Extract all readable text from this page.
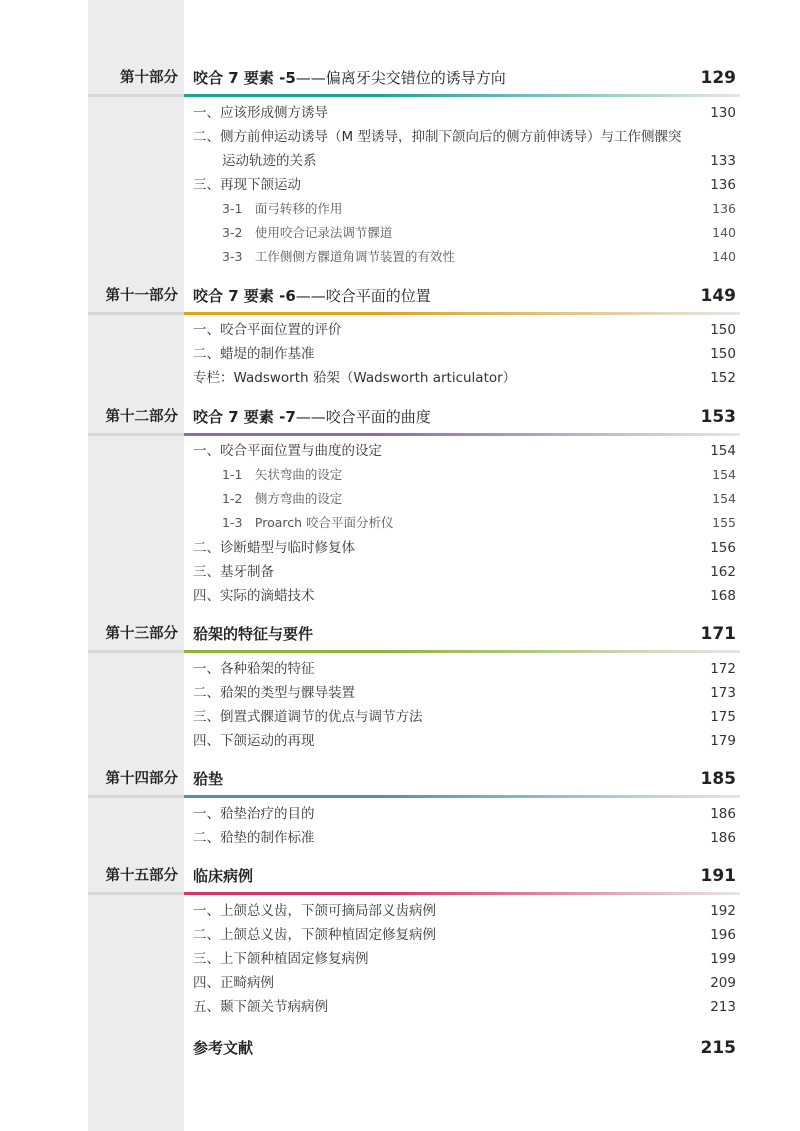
第十部分 咬合 7 要素 -5——偏离牙尖交错位的诱导方向	129
一、应该形成侧方诱导	130
二、侧方前伸运动诱导（M 型诱导，抑制下颌向后的侧方前伸诱导）与工作侧髁突
运动轨迹的关系	133
三、再现下颌运动	136
3-1　面弓转移的作用	136
3-2　使用咬合记录法调节髁道	140
3-3　工作侧侧方髁道角调节装置的有效性	140
第十一部分 咬合 7 要素 -6——咬合平面的位置	149
一、咬合平面位置的评价	150
二、蜡堤的制作基准	150
专栏：Wadsworth 𬌗架（Wadsworth articulator）	152
第十二部分 咬合 7 要素 -7——咬合平面的曲度	153
一、咬合平面位置与曲度的设定	154
1-1　矢状弯曲的设定	154
1-2　侧方弯曲的设定	154
1-3　Proarch 咬合平面分析仪	155
二、诊断蜡型与临时修复体	156
三、基牙制备	162
四、实际的滴蜡技术	168
第十三部分 𬌗架的特征与要件	171
一、各种𬌗架的特征	172
二、𬌗架的类型与髁导装置	173
三、倒置式髁道调节的优点与调节方法	175
四、下颌运动的再现	179
第十四部分 𬌗垫	185
一、𬌗垫治疗的目的	186
二、𬌗垫的制作标准	186
第十五部分 临床病例	191
一、上颌总义齿，下颌可摘局部义齿病例	192
二、上颌总义齿，下颌种植固定修复病例	196
三、上下颌种植固定修复病例	199
四、正畸病例	209
五、颞下颌关节病病例	213
参考文献	215
